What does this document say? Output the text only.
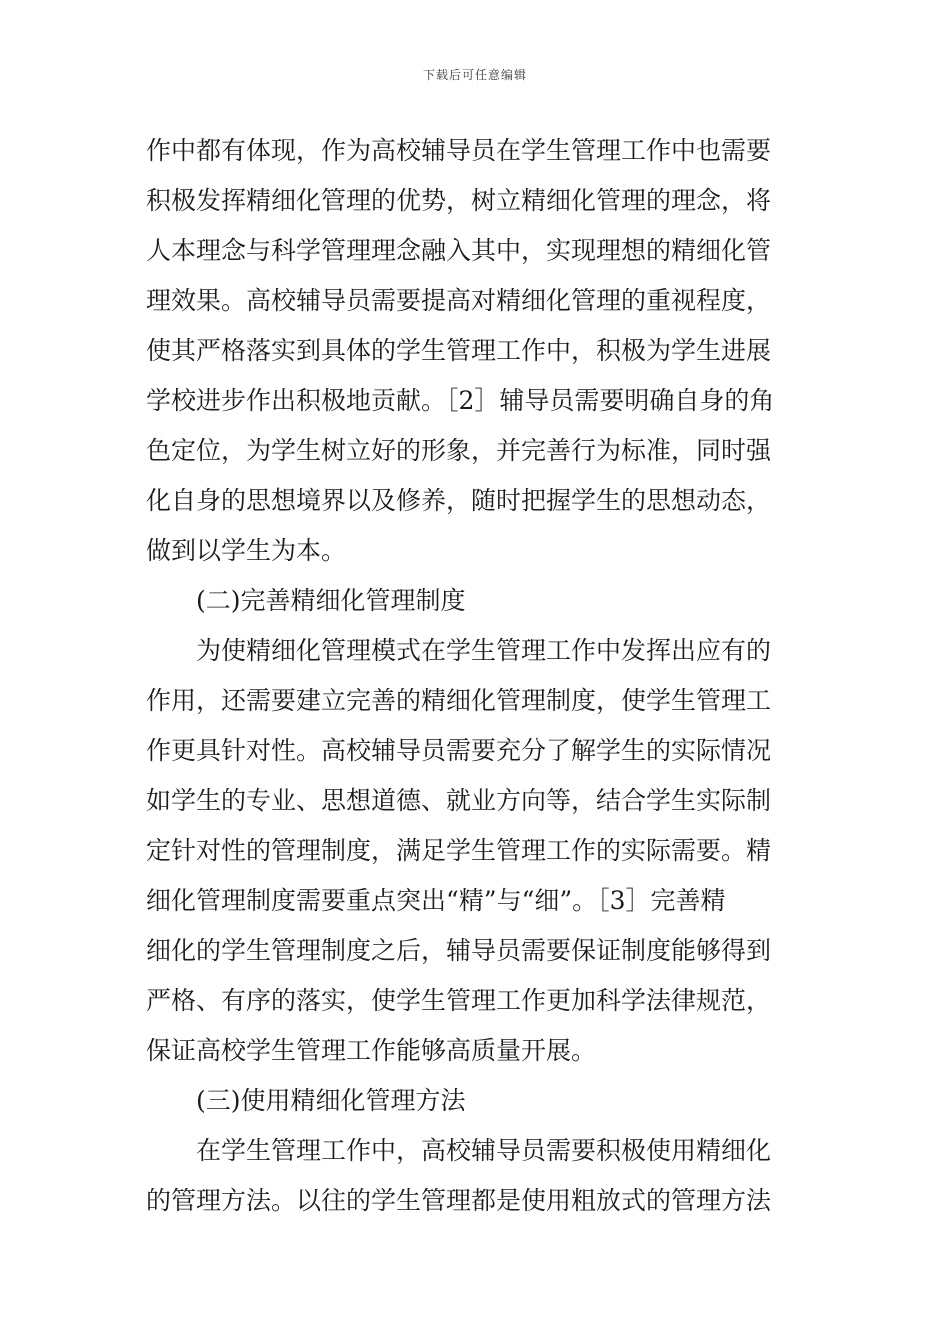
下载后可任意编辑
作中都有体现，作为高校辅导员在学生管理工作中也需要
积极发挥精细化管理的优势，树立精细化管理的理念，将
人本理念与科学管理理念融入其中，实现理想的精细化管
理效果。高校辅导员需要提高对精细化管理的重视程度，
使其严格落实到具体的学生管理工作中，积极为学生进展
学校进步作出积极地贡献。［2］辅导员需要明确自身的角
色定位，为学生树立好的形象，并完善行为标准，同时强
化自身的思想境界以及修养，随时把握学生的思想动态，
做到以学生为本。
(二)完善精细化管理制度
为使精细化管理模式在学生管理工作中发挥出应有的
作用，还需要建立完善的精细化管理制度，使学生管理工
作更具针对性。高校辅导员需要充分了解学生的实际情况
如学生的专业、思想道德、就业方向等，结合学生实际制
定针对性的管理制度，满足学生管理工作的实际需要。精
细化管理制度需要重点突出“精”与“细”。［3］完善精
细化的学生管理制度之后，辅导员需要保证制度能够得到
严格、有序的落实，使学生管理工作更加科学法律规范，
保证高校学生管理工作能够高质量开展。
(三)使用精细化管理方法
在学生管理工作中，高校辅导员需要积极使用精细化
的管理方法。以往的学生管理都是使用粗放式的管理方法
